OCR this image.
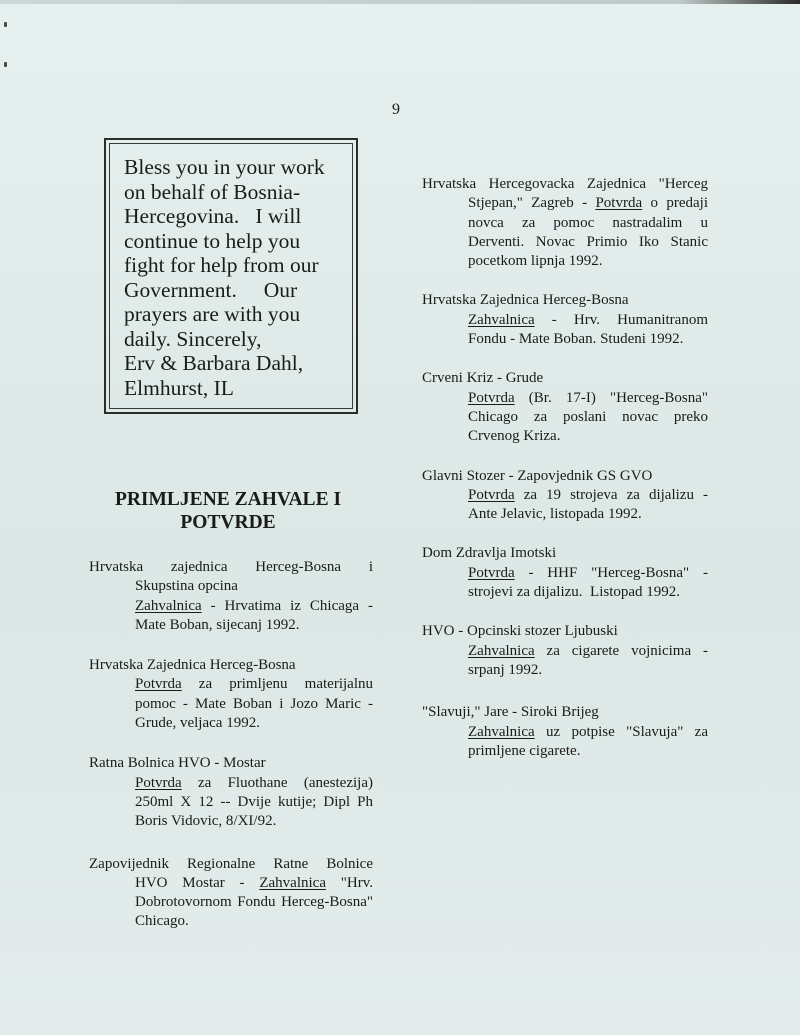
9
Bless you in your work
on behalf of Bosnia-
Hercegovina.   I will
continue to help you
fight for help from our
Government.     Our
prayers are with you
daily. Sincerely,
Erv & Barbara Dahl,
Elmhurst, IL
PRIMLJENE ZAHVALE I
POTVRDE
Hrvatska  zajednica  Herceg-Bosna  i
Skupstina opcina
Zahvalnica - Hrvatima iz Chicaga - Mate Boban, sijecanj 1992.
Hrvatska Zajednica Herceg-Bosna
Potvrda za primljenu materijalnu pomoc - Mate Boban i Jozo Maric - Grude, veljaca 1992.
Ratna Bolnica HVO - Mostar
Potvrda za Fluothane (anestezija) 250ml X 12 -- Dvije kutije; Dipl Ph Boris Vidovic, 8/XI/92.
Zapovijednik Regionalne Ratne Bolnice
HVO Mostar - Zahvalnica "Hrv. Dobrotovornom Fondu Herceg-Bosna" Chicago.
Hrvatska Hercegovacka Zajednica "Herceg
Stjepan," Zagreb - Potvrda o predaji novca za pomoc nastradalim u Derventi. Novac Primio Iko Stanic pocetkom lipnja 1992.
Hrvatska Zajednica Herceg-Bosna
Zahvalnica - Hrv. Humanitranom Fondu - Mate Boban. Studeni 1992.
Crveni Kriz - Grude
Potvrda (Br. 17-I) "Herceg-Bosna" Chicago za poslani novac preko Crvenog Kriza.
Glavni Stozer - Zapovjednik GS GVO
Potvrda za 19 strojeva za dijalizu - Ante Jelavic, listopada 1992.
Dom Zdravlja Imotski
Potvrda - HHF "Herceg-Bosna" - strojevi za dijalizu.  Listopad 1992.
HVO - Opcinski stozer Ljubuski
Zahvalnica za cigarete vojnicima - srpanj 1992.
"Slavuji," Jare - Siroki Brijeg
Zahvalnica uz potpise "Slavuja" za primljene cigarete.
